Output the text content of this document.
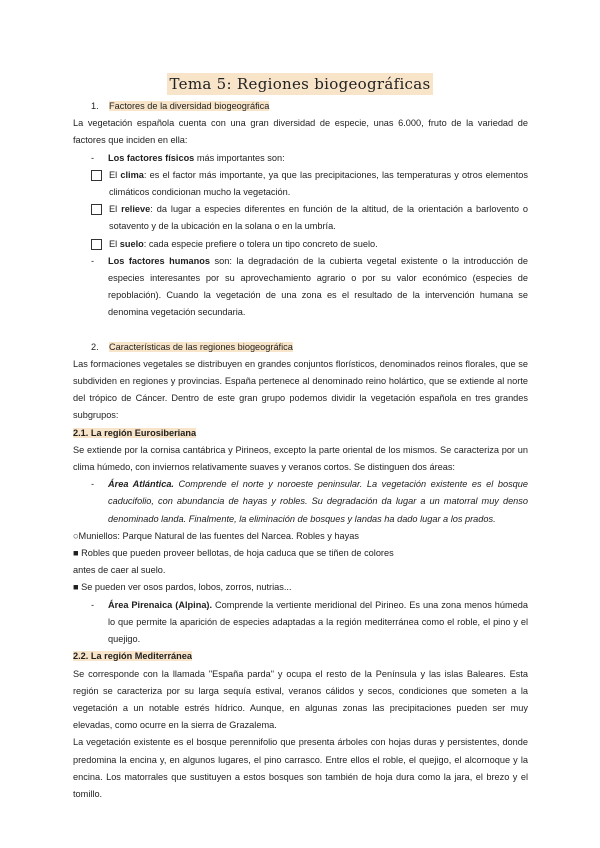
Tema 5: Regiones biogeográficas

1. Factores de la diversidad biogeográfica

La vegetación española cuenta con una gran diversidad de especie, unas 6.000, fruto de la variedad de factores que inciden en ella:

-	Los factores físicos más importantes son:
El clima: es el factor más importante, ya que las precipitaciones, las temperaturas y otros elementos climáticos condicionan mucho la vegetación.
El relieve: da lugar a especies diferentes en función de la altitud, de la orientación a barlovento o sotavento y de la ubicación en la solana o en la umbría.
El suelo: cada especie prefiere o tolera un tipo concreto de suelo.
-	Los factores humanos son: la degradación de la cubierta vegetal existente o la introducción de especies interesantes por su aprovechamiento agrario o por su valor económico (especies de repoblación). Cuando la vegetación de una zona es el resultado de la intervención humana se denomina vegetación secundaria.

2. Características de las regiones biogeográfica

Las formaciones vegetales se distribuyen en grandes conjuntos florísticos, denominados reinos florales, que se subdividen en regiones y provincias. España pertenece al denominado reino holártico, que se extiende al norte del trópico de Cáncer. Dentro de este gran grupo podemos dividir la vegetación española en tres grandes subgrupos:

2.1. La región Eurosiberiana

Se extiende por la cornisa cantábrica y Pirineos, excepto la parte oriental de los mismos. Se caracteriza por un clima húmedo, con inviernos relativamente suaves y veranos cortos. Se distinguen dos áreas:

-	Área Atlántica. Comprende el norte y noroeste peninsular. La vegetación existente es el bosque caducifolio, con abundancia de hayas y robles. Su degradación da lugar a un matorral muy denso denominado landa. Finalmente, la eliminación de bosques y landas ha dado lugar a los prados.

○Muniellos: Parque Natural de las fuentes del Narcea. Robles y hayas

■ Robles que pueden proveer bellotas, de hoja caduca que se tiñen de colores

antes de caer al suelo.

■ Se pueden ver osos pardos, lobos, zorros, nutrias...

-	Área Pirenaica (Alpina). Comprende la vertiente meridional del Pirineo. Es una zona menos húmeda lo que permite la aparición de especies adaptadas a la región mediterránea como el roble, el pino y el quejigo.

2.2. La región Mediterránea

Se corresponde con la llamada "España parda" y ocupa el resto de la Península y las islas Baleares. Esta región se caracteriza por su larga sequía estival, veranos cálidos y secos, condiciones que someten a la vegetación a un notable estrés hídrico. Aunque, en algunas zonas las precipitaciones pueden ser muy elevadas, como ocurre en la sierra de Grazalema.

La vegetación existente es el bosque perennifolio que presenta árboles con hojas duras y persistentes, donde predomina la encina y, en algunos lugares, el pino carrasco. Entre ellos el roble, el quejigo, el alcornoque y la encina. Los matorrales que sustituyen a estos bosques son también de hoja dura como la jara, el brezo y el tomillo.
